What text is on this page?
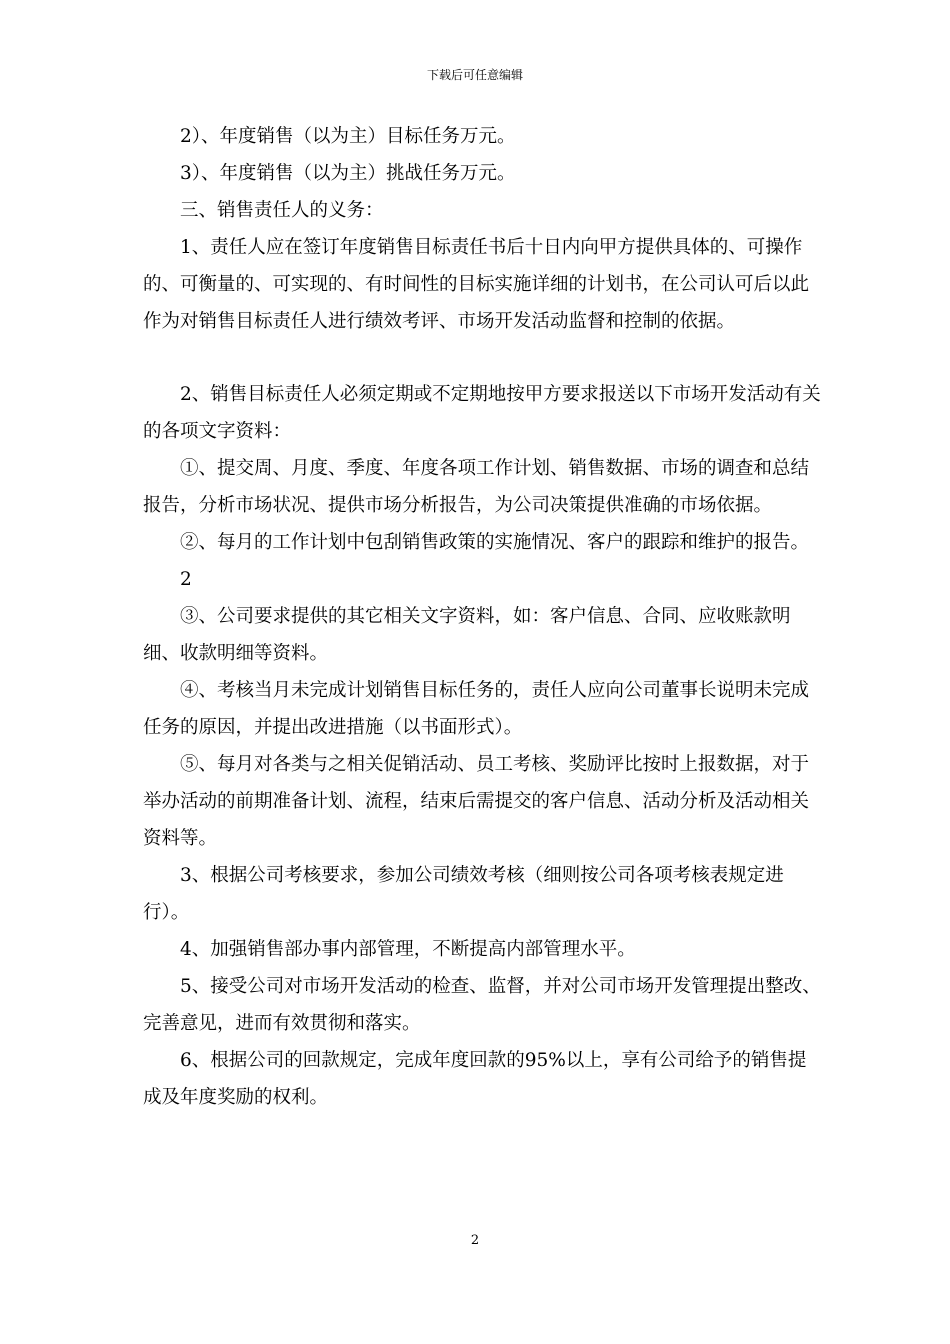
下载后可任意编辑

2）、年度销售（以为主）目标任务万元。

3）、年度销售（以为主）挑战任务万元。

三、销售责任人的义务：

1、责任人应在签订年度销售目标责任书后十日内向甲方提供具体的、可操作的、可衡量的、可实现的、有时间性的目标实施详细的计划书，在公司认可后以此作为对销售目标责任人进行绩效考评、市场开发活动监督和控制的依据。

2、销售目标责任人必须定期或不定期地按甲方要求报送以下市场开发活动有关的各项文字资料：

①、提交周、月度、季度、年度各项工作计划、销售数据、市场的调查和总结报告，分析市场状况、提供市场分析报告，为公司决策提供准确的市场依据。

②、每月的工作计划中包刮销售政策的实施情况、客户的跟踪和维护的报告。

2

③、公司要求提供的其它相关文字资料，如：客户信息、合同、应收账款明细、收款明细等资料。

④、考核当月未完成计划销售目标任务的，责任人应向公司董事长说明未完成任务的原因，并提出改进措施（以书面形式）。

⑤、每月对各类与之相关促销活动、员工考核、奖励评比按时上报数据，对于举办活动的前期准备计划、流程，结束后需提交的客户信息、活动分析及活动相关资料等。

3、根据公司考核要求，参加公司绩效考核（细则按公司各项考核表规定进行）。

4、加强销售部办事内部管理，不断提高内部管理水平。

5、接受公司对市场开发活动的检查、监督，并对公司市场开发管理提出整改、完善意见，进而有效贯彻和落实。

6、根据公司的回款规定，完成年度回款的95%以上，享有公司给予的销售提成及年度奖励的权利。

2
